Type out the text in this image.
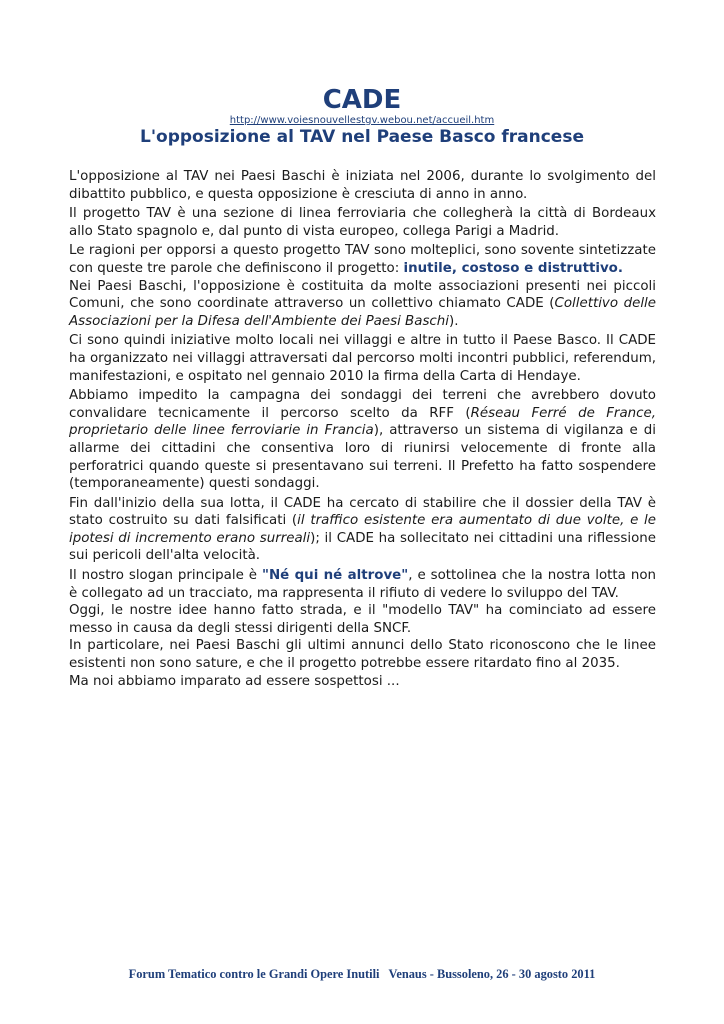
CADE
http://www.voiesnouvellestgv.webou.net/accueil.htm
L'opposizione al TAV nel Paese Basco francese

L'opposizione al TAV nei Paesi Baschi è iniziata nel 2006, durante lo svolgimento del dibattito pubblico, e questa opposizione è cresciuta di anno in anno.

Il progetto TAV è una sezione di linea ferroviaria che collegherà la città di Bordeaux allo Stato spagnolo e, dal punto di vista europeo, collega Parigi a Madrid.

Le ragioni per opporsi a questo progetto TAV sono molteplici, sono sovente sintetizzate con queste tre parole che definiscono il progetto: inutile, costoso e distruttivo.

Nei Paesi Baschi, l'opposizione è costituita da molte associazioni presenti nei piccoli Comuni, che sono coordinate attraverso un collettivo chiamato CADE (Collettivo delle Associazioni per la Difesa dell'Ambiente dei Paesi Baschi).

Ci sono quindi iniziative molto locali nei villaggi e altre in tutto il Paese Basco. Il CADE ha organizzato nei villaggi attraversati dal percorso molti incontri pubblici, referendum, manifestazioni, e ospitato nel gennaio 2010 la firma della Carta di Hendaye.

Abbiamo impedito la campagna dei sondaggi dei terreni che avrebbero dovuto convalidare tecnicamente il percorso scelto da RFF (Réseau Ferré de France, proprietario delle linee ferroviarie in Francia), attraverso un sistema di vigilanza e di allarme dei cittadini che consentiva loro di riunirsi velocemente di fronte alla perforatrici quando queste si presentavano sui terreni. Il Prefetto ha fatto sospendere (temporaneamente) questi sondaggi.

Fin dall'inizio della sua lotta, il CADE ha cercato di stabilire che il dossier della TAV è stato costruito su dati falsificati (il traffico esistente era aumentato di due volte, e le ipotesi di incremento erano surreali); il CADE ha sollecitato nei cittadini una riflessione sui pericoli dell'alta velocità.

Il nostro slogan principale è "Né qui né altrove", e sottolinea che la nostra lotta non è collegato ad un tracciato, ma rappresenta il rifiuto di vedere lo sviluppo del TAV.

Oggi, le nostre idee hanno fatto strada, e il "modello TAV" ha cominciato ad essere messo in causa da degli stessi dirigenti della SNCF.

In particolare, nei Paesi Baschi gli ultimi annunci dello Stato riconoscono che le linee esistenti non sono sature, e che il progetto potrebbe essere ritardato fino al 2035.

Ma noi abbiamo imparato ad essere sospettosi ...

Forum Tematico contro le Grandi Opere Inutili   Venaus - Bussoleno, 26 - 30 agosto 2011
